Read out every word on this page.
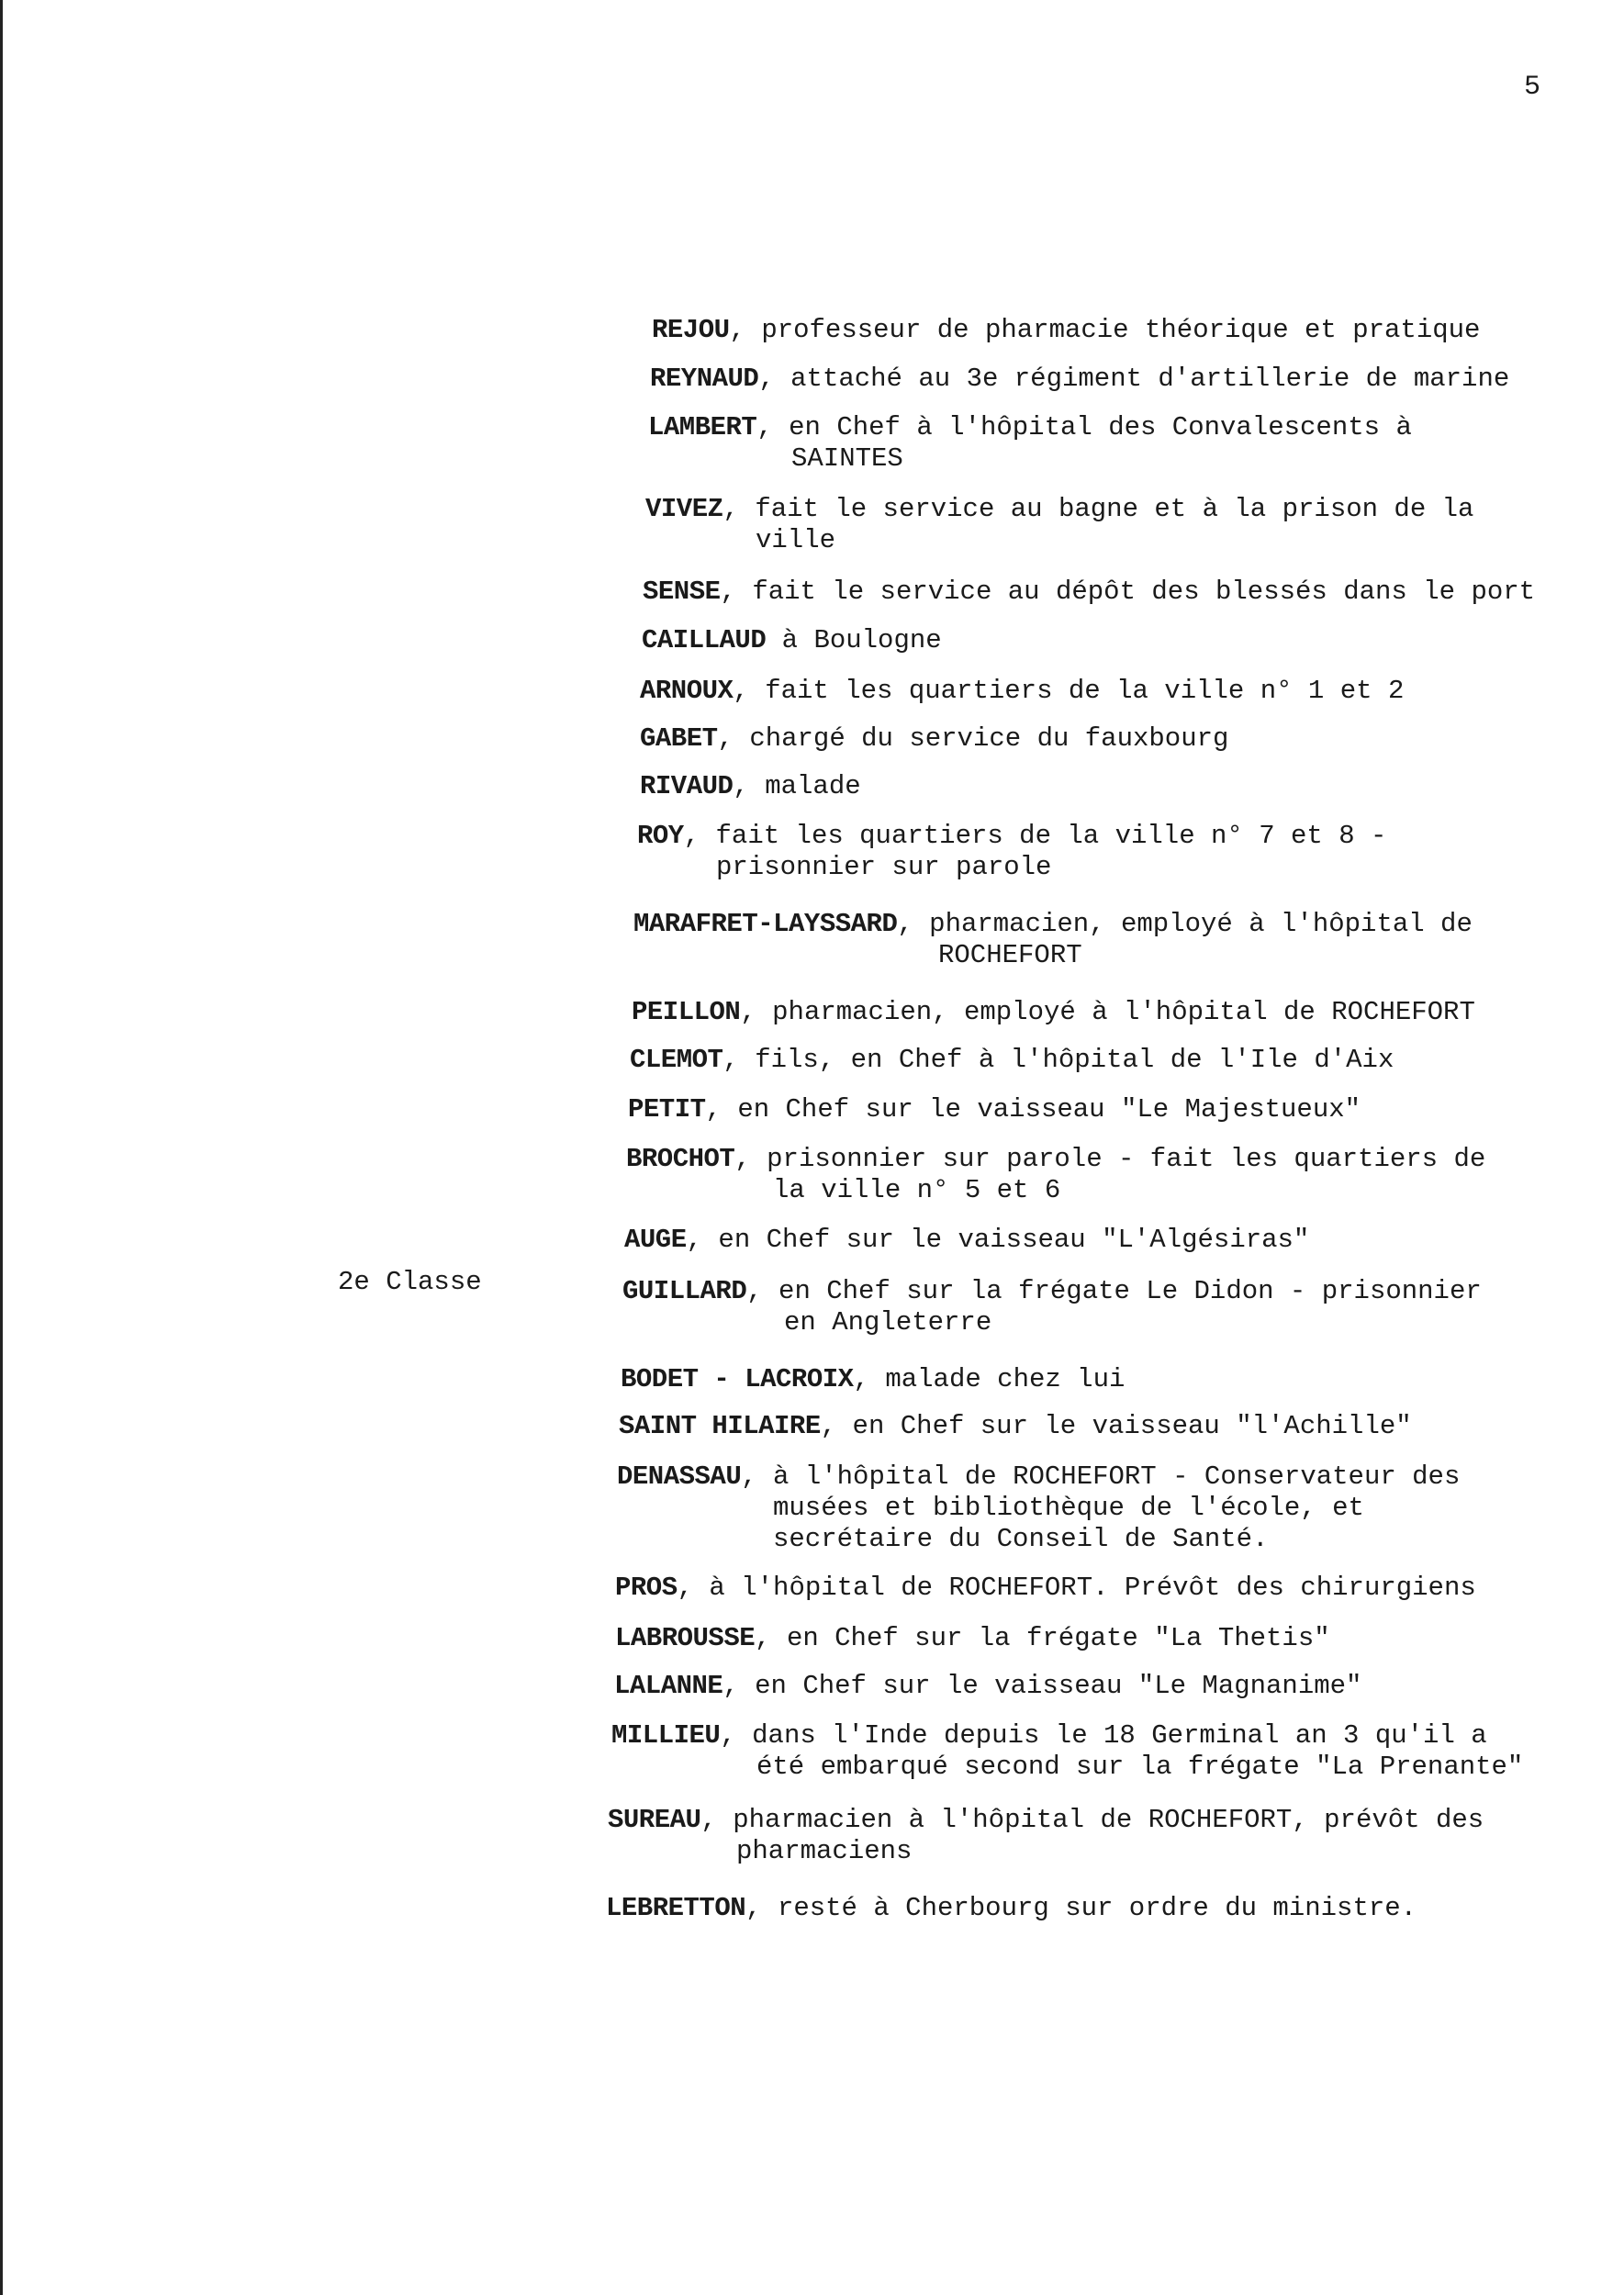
5
2e Classe
REJOU, professeur de pharmacie théorique et pratique
REYNAUD, attaché au 3e régiment d'artillerie de marine
LAMBERT, en Chef à l'hôpital des Convalescents à
SAINTES
VIVEZ, fait le service au bagne et à la prison de la
ville
SENSE, fait le service au dépôt des blessés dans le port
CAILLAUD à Boulogne
ARNOUX, fait les quartiers de la ville n° 1 et 2
GABET, chargé du service du fauxbourg
RIVAUD, malade
ROY, fait les quartiers de la ville n° 7 et 8 -
prisonnier sur parole
MARAFRET-LAYSSARD, pharmacien, employé à l'hôpital de
ROCHEFORT
PEILLON, pharmacien, employé à l'hôpital de ROCHEFORT
CLEMOT, fils, en Chef à l'hôpital de l'Ile d'Aix
PETIT, en Chef sur le vaisseau "Le Majestueux"
BROCHOT, prisonnier sur parole - fait les quartiers de
la ville n° 5 et 6
AUGE, en Chef sur le vaisseau "L'Algésiras"
GUILLARD, en Chef sur la frégate Le Didon - prisonnier
en Angleterre
BODET - LACROIX, malade chez lui
SAINT HILAIRE, en Chef sur le vaisseau "l'Achille"
DENASSAU, à l'hôpital de ROCHEFORT - Conservateur des
musées et bibliothèque de l'école, et
secrétaire du Conseil de Santé.
PROS, à l'hôpital de ROCHEFORT. Prévôt des chirurgiens
LABROUSSE, en Chef sur la frégate "La Thetis"
LALANNE, en Chef sur le vaisseau "Le Magnanime"
MILLIEU, dans l'Inde depuis le 18 Germinal an 3 qu'il a
été embarqué second sur la frégate "La Prenante"
SUREAU, pharmacien à l'hôpital de ROCHEFORT, prévôt des
pharmaciens
LEBRETTON, resté à Cherbourg sur ordre du ministre.
